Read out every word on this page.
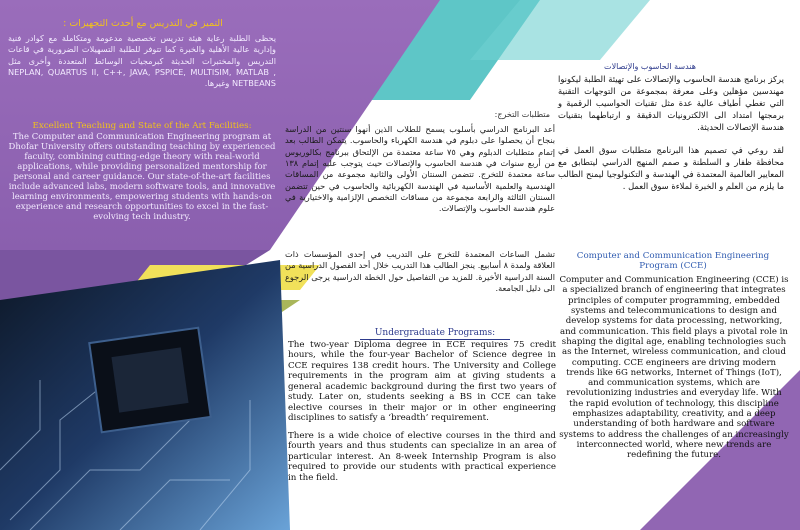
التميز في التدريس مع أحدث التجهيزات :
يحظى الطلبة رعاية هيئة تدريس تخصصية مدعومة ومتكاملة مع كوادر فنية وإدارية عالية الأهلية والخبرة كما تتوفر للطلبة التسهيلات الضرورية في قاعات التدريس والمختبرات الحديثة كبرمجيات الوسائط المتعددة وأخرى مثل NEPLAN, QUARTUS II, C++, JAVA, PSPICE, MULTISIM, MATLAB , NETBEANS وغيرها.
Excellent Teaching and State of the Art Facilities:
The Computer and Communication Engineering program at Dhofar University offers outstanding teaching by experienced faculty, combining cutting-edge theory with real-world applications, while providing personalized mentorship for personal and career guidance. Our state-of-the-art facilities include advanced labs, modern software tools, and innovative learning environments, empowering students with hands-on experience and research opportunities to excel in the fast-evolving tech industry.
متطلبات التخرج:
أعد البرنامج الدراسي بأسلوب يسمح للطلاب الذين أنهوا سنتين من الدراسة بنجاح أن يحصلوا على دبلوم في هندسة الكهرباء والحاسوب. يتمكن الطالب بعد إتمام متطلبات الدبلوم وهي ٧٥ ساعة معتمدة من الإلتحاق ببرنامج بكالوريوس من أربع سنوات في هندسة الحاسوب والإتصالات حيث يتوجب عليه إتمام ١٣٨ ساعة معتمدة للتخرج. تتضمن السنتان الأولى والثانية مجموعة من المساقات الهندسية والعلمية الأساسية في الهندسة الكهربائية والحاسوب في حين تتضمن السنتان الثالثة والرابعة مجموعة من مساقات التخصص الإلزامية والاختيارية في علوم هندسة الحاسوب والإتصالات.
تشمل الساعات المعتمدة للتخرج على التدريب في إحدى المؤسسات ذات العلاقة ولمدة ٨ أسابيع. ينجز الطالب هذا التدريب خلال أحد الفصول الدراسية من السنة الدراسية الأخيرة. للمزيد من التفاصيل حول الخطة الدراسية يرجى الرجوع الى دليل الجامعة.
Undergraduate Programs:
The two-year Diploma degree in ECE requires 75 credit hours, while the four-year Bachelor of Science degree in CCE requires 138 credit hours. The University and College requirements in the program aim at giving students a general academic background during the first two years of study. Later on, students seeking a BS in CCE can take elective courses in their major or in other engineering disciplines to satisfy a ‘breadth’ requirement.
There is a wide choice of elective courses in the third and fourth years and thus students can specialize in an area of particular interest. An 8-week Internship Program is also required to provide our students with practical experience in the field.
هندسة الحاسوب والإتصالات
يركز برنامج هندسة الحاسوب والإتصالات على تهيئة الطلبة ليكونوا مهندسين مؤهلين وعلى معرفة بمجموعة من التوجهات التقنية التي تغطي أطياف عالية عدة مثل تقنيات الحواسيب الرقمية و برمجتها امتداد الى الالكترونيات الدقيقة و ارتباطهما بتقنيات هندسة الإتصالات الحديثة.
لقد روعي في تصميم هذا البرنامج متطلبات سوق العمل في محافظة ظفار و السلطنة و صمم المنهج الدراسي ليتطابق مع المعايير العالمية المعتمدة في الهندسة و التكنولوجيا ليمنح الطالب ما يلزم من العلم و الخبرة لملاءة سوق العمل .
Computer and Communication Engineering Program (CCE)
Computer and Communication Engineering (CCE) is a specialized branch of engineering that integrates principles of computer programming, embedded systems and telecommunications to design and develop systems for data processing, networking, and communication. This field plays a pivotal role in shaping the digital age, enabling technologies such as the Internet, wireless communication, and cloud computing. CCE engineers are driving modern trends like 6G networks, Internet of Things (IoT), and communication systems, which are revolutionizing industries and everyday life. With the rapid evolution of technology, this discipline emphasizes adaptability, creativity, and a deep understanding of both hardware and software systems to address the challenges of an increasingly interconnected world, where new trends are redefining the future.
